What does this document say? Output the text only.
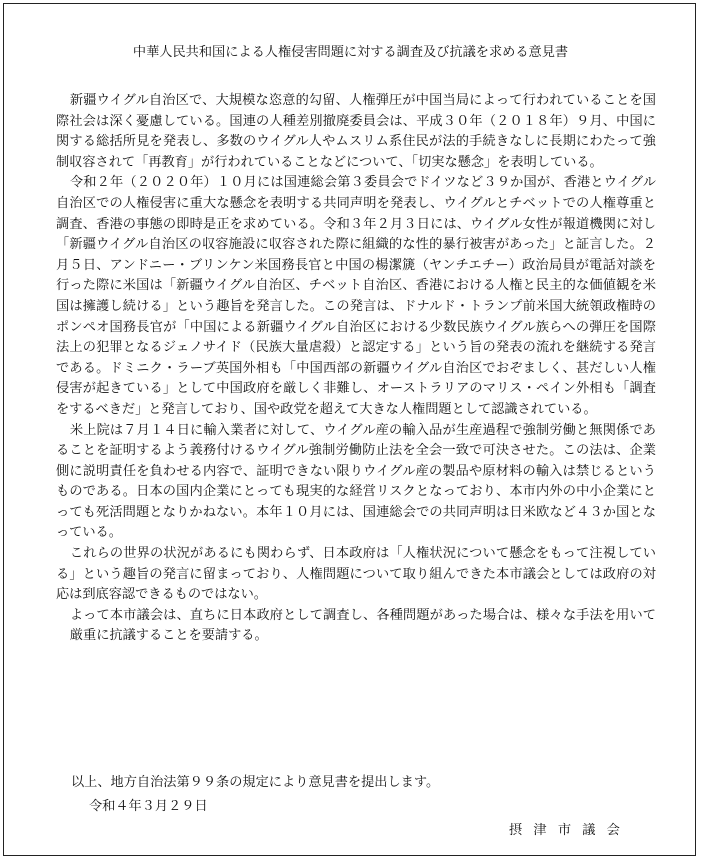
中華人民共和国による人権侵害問題に対する調査及び抗議を求める意見書

新疆ウイグル自治区で、大規模な恣意的勾留、人権弾圧が中国当局によって行われていることを国際社会は深く憂慮している。国連の人種差別撤廃委員会は、平成３０年（２０１８年）９月、中国に関する総括所見を発表し、多数のウイグル人やムスリム系住民が法的手続きなしに長期にわたって強制収容されて「再教育」が行われていることなどについて、「切実な懸念」を表明している。

令和２年（２０２０年）１０月には国連総会第３委員会でドイツなど３９か国が、香港とウイグル自治区での人権侵害に重大な懸念を表明する共同声明を発表し、ウイグルとチベットでの人権尊重と調査、香港の事態の即時是正を求めている。令和３年２月３日には、ウイグル女性が報道機関に対し「新疆ウイグル自治区の収容施設に収容された際に組織的な性的暴行被害があった」と証言した。２月５日、アンドニー・ブリンケン米国務長官と中国の楊潔篪（ヤンチエチー）政治局員が電話対談を行った際に米国は「新疆ウイグル自治区、チベット自治区、香港における人権と民主的な価値観を米国は擁護し続ける」という趣旨を発言した。この発言は、ドナルド・トランプ前米国大統領政権時のポンペオ国務長官が「中国による新疆ウイグル自治区における少数民族ウイグル族らへの弾圧を国際法上の犯罪となるジェノサイド（民族大量虐殺）と認定する」という旨の発表の流れを継続する発言である。ドミニク・ラーブ英国外相も「中国西部の新疆ウイグル自治区でおぞましく、甚だしい人権侵害が起きている」として中国政府を厳しく非難し、オーストラリアのマリス・ペイン外相も「調査をするべきだ」と発言しており、国や政党を超えて大きな人権問題として認識されている。

米上院は７月１４日に輸入業者に対して、ウイグル産の輸入品が生産過程で強制労働と無関係であることを証明するよう義務付けるウイグル強制労働防止法を全会一致で可決させた。この法は、企業側に説明責任を負わせる内容で、証明できない限りウイグル産の製品や原材料の輸入は禁じるというものである。日本の国内企業にとっても現実的な経営リスクとなっており、本市内外の中小企業にとっても死活問題となりかねない。本年１０月には、国連総会での共同声明は日米欧など４３か国となっている。

これらの世界の状況があるにも関わらず、日本政府は「人権状況について懸念をもって注視している」という趣旨の発言に留まっており、人権問題について取り組んできた本市議会としては政府の対応は到底容認できるものではない。

よって本市議会は、直ちに日本政府として調査し、各種問題があった場合は、様々な手法を用いて厳重に抗議することを要請する。

以上、地方自治法第９９条の規定により意見書を提出します。
令和４年３月２９日
摂津市議会
